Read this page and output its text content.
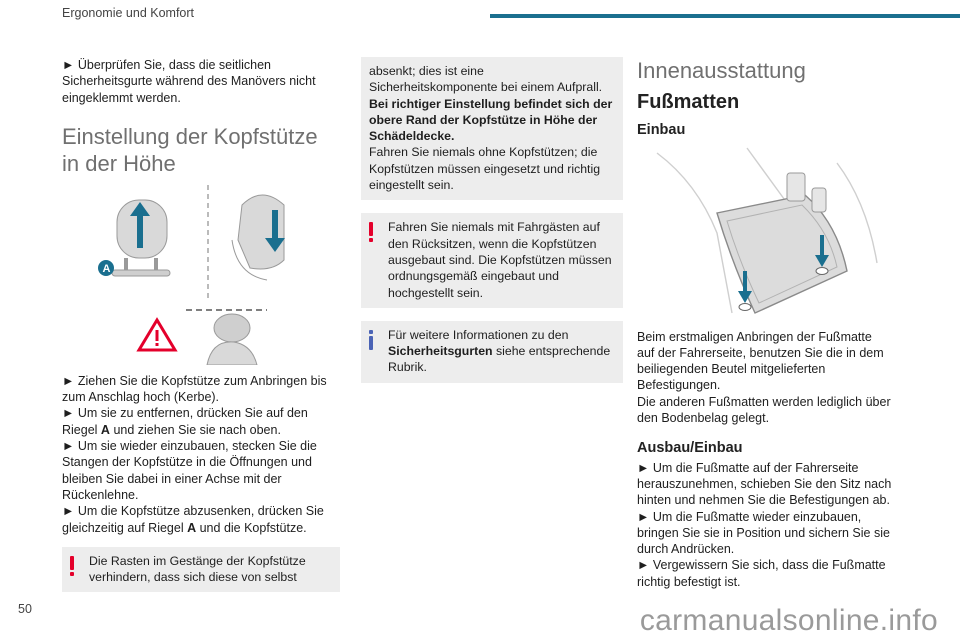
Ergonomie und Komfort

► Überprüfen Sie, dass die seitlichen Sicherheitsgurte während des Manövers nicht eingeklemmt werden.

Einstellung der Kopfstütze in der Höhe
A

► Ziehen Sie die Kopfstütze zum Anbringen bis zum Anschlag hoch (Kerbe).

► Um sie zu entfernen, drücken Sie auf den Riegel A und ziehen Sie sie nach oben.

► Um sie wieder einzubauen, stecken Sie die Stangen der Kopfstütze in die Öffnungen und bleiben Sie dabei in einer Achse mit der Rückenlehne.

► Um die Kopfstütze abzusenken, drücken Sie gleichzeitig auf Riegel A und die Kopfstütze.

Die Rasten im Gestänge der Kopfstütze verhindern, dass sich diese von selbst
absenkt; dies ist eine Sicherheitskomponente bei einem Aufprall.
Bei richtiger Einstellung befindet sich der obere Rand der Kopfstütze in Höhe der Schädeldecke.
Fahren Sie niemals ohne Kopfstützen; die Kopfstützen müssen eingesetzt und richtig eingestellt sein.
Fahren Sie niemals mit Fahrgästen auf den Rücksitzen, wenn die Kopfstützen ausgebaut sind. Die Kopfstützen müssen ordnungsgemäß eingebaut und hochgestellt sein.
Für weitere Informationen zu den Sicherheitsgurten siehe entsprechende Rubrik.
Innenausstattung
Fußmatten
Einbau

Beim erstmaligen Anbringen der Fußmatte auf der Fahrerseite, benutzen Sie die in dem beiliegenden Beutel mitgelieferten Befestigungen.

Die anderen Fußmatten werden lediglich über den Bodenbelag gelegt.

Ausbau/Einbau

► Um die Fußmatte auf der Fahrerseite herauszunehmen, schieben Sie den Sitz nach hinten und nehmen Sie die Befestigungen ab.

► Um die Fußmatte wieder einzubauen, bringen Sie sie in Position und sichern Sie sie durch Andrücken.

► Vergewissern Sie sich, dass die Fußmatte richtig befestigt ist.

50	carmanualsonline.info
